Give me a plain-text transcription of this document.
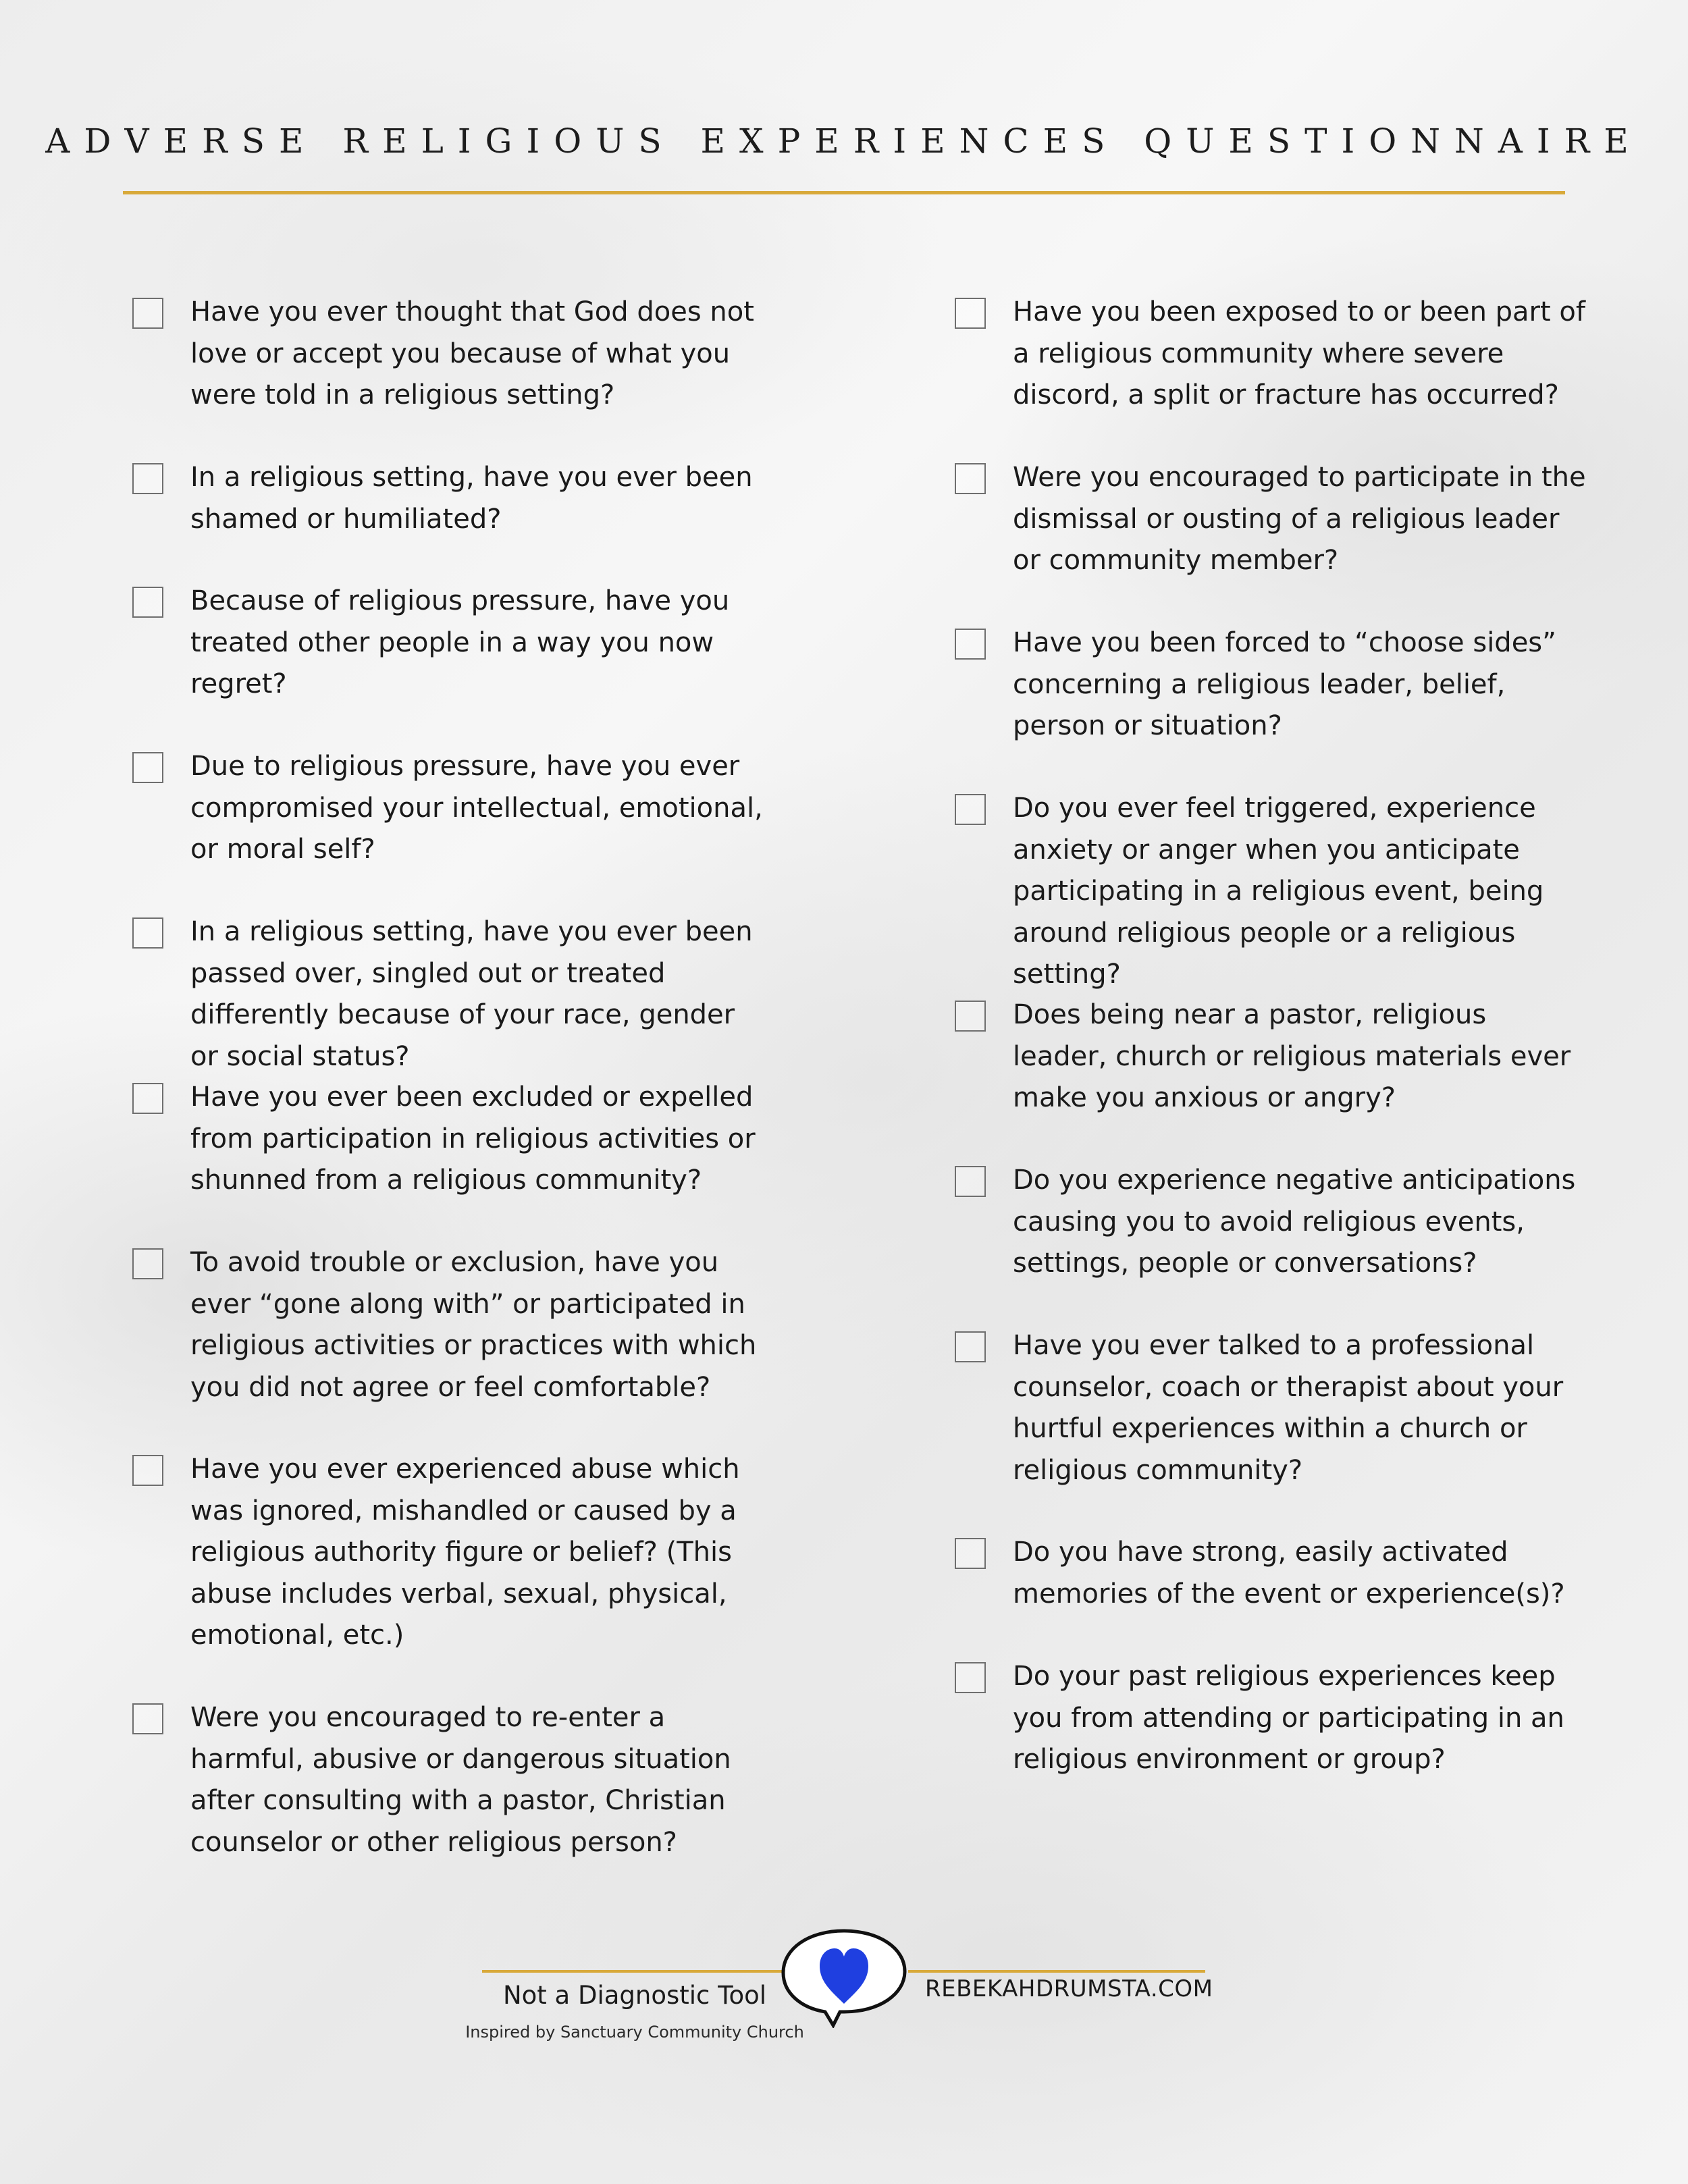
ADVERSE RELIGIOUS EXPERIENCES QUESTIONNAIRE
Have you ever thought that God does not love or accept you because of what you were told in a religious setting?
In a religious setting, have you ever been shamed or humiliated?
Because of religious pressure, have you treated other people in a way you now regret?
Due to religious pressure, have you ever compromised your intellectual, emotional, or moral self?
In a religious setting, have you ever been passed over, singled out or treated differently because of your race, gender or social status?
Have you ever been excluded or expelled from participation in religious activities or shunned from a religious community?
To avoid trouble or exclusion, have you ever “gone along with” or participated in religious activities or practices with which you did not agree or feel comfortable?
Have you ever experienced abuse which was ignored, mishandled or caused by a religious authority figure or belief? (This abuse includes verbal, sexual, physical, emotional, etc.)
Were you encouraged to re-enter a harmful, abusive or dangerous situation after consulting with a pastor, Christian counselor or other religious person?
Have you been exposed to or been part of a religious community where severe discord, a split or fracture has occurred?
Were you encouraged to participate in the dismissal or ousting of a religious leader or community member?
Have you been forced to “choose sides” concerning a religious leader, belief, person or situation?
Do you ever feel triggered, experience anxiety or anger when you anticipate participating in a religious event, being around religious people or a religious setting?
Does being near a pastor, religious leader, church or religious materials ever make you anxious or angry?
Do you experience negative anticipations causing you to avoid religious events, settings, people or conversations?
Have you ever talked to a professional counselor, coach or therapist about your hurtful experiences within a church or religious community?
Do you have strong, easily activated memories of the event or experience(s)?
Do your past religious experiences keep you from attending or participating in an religious environment or group?
Not a Diagnostic Tool
Inspired by Sanctuary Community Church
REBEKAHDRUMSTA.COM
